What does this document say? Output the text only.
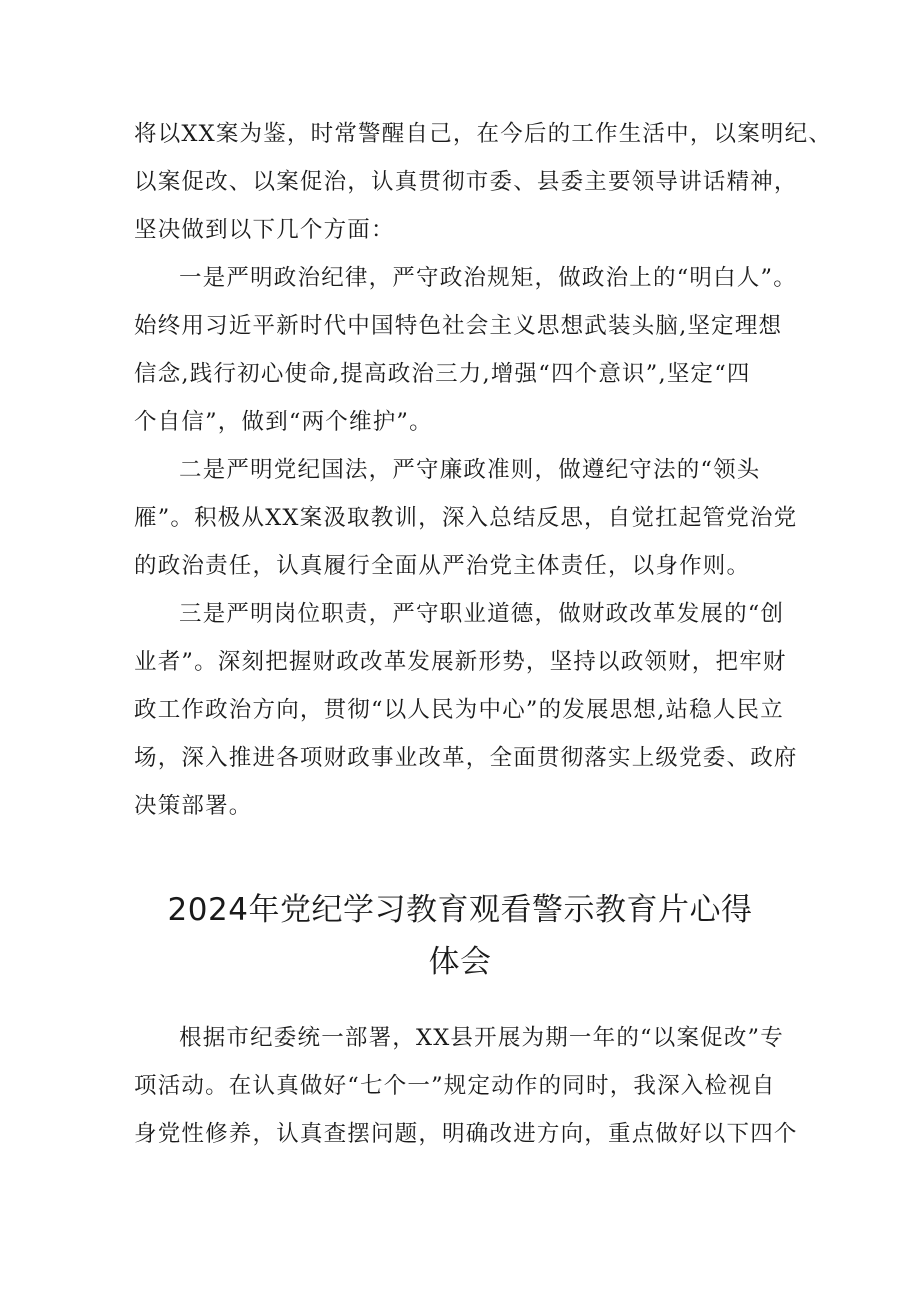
将以XX案为鉴，时常警醒自己，在今后的工作生活中，以案明纪、
以案促改、以案促治，认真贯彻市委、县委主要领导讲话精神，
坚决做到以下几个方面：
一是严明政治纪律，严守政治规矩，做政治上的“明白人”。
始终用习近平新时代中国特色社会主义思想武装头脑,坚定理想
信念,践行初心使命,提高政治三力,增强“四个意识”,坚定“四
个自信”，做到“两个维护”。
二是严明党纪国法，严守廉政准则，做遵纪守法的“领头
雁”。积极从XX案汲取教训，深入总结反思，自觉扛起管党治党
的政治责任，认真履行全面从严治党主体责任，以身作则。
三是严明岗位职责，严守职业道德，做财政改革发展的“创
业者”。深刻把握财政改革发展新形势，坚持以政领财，把牢财
政工作政治方向，贯彻“以人民为中心”的发展思想,站稳人民立
场，深入推进各项财政事业改革，全面贯彻落实上级党委、政府
决策部署。
2024年党纪学习教育观看警示教育片心得
体会
根据市纪委统一部署，XX县开展为期一年的“以案促改”专
项活动。在认真做好“七个一”规定动作的同时，我深入检视自
身党性修养，认真查摆问题，明确改进方向，重点做好以下四个
